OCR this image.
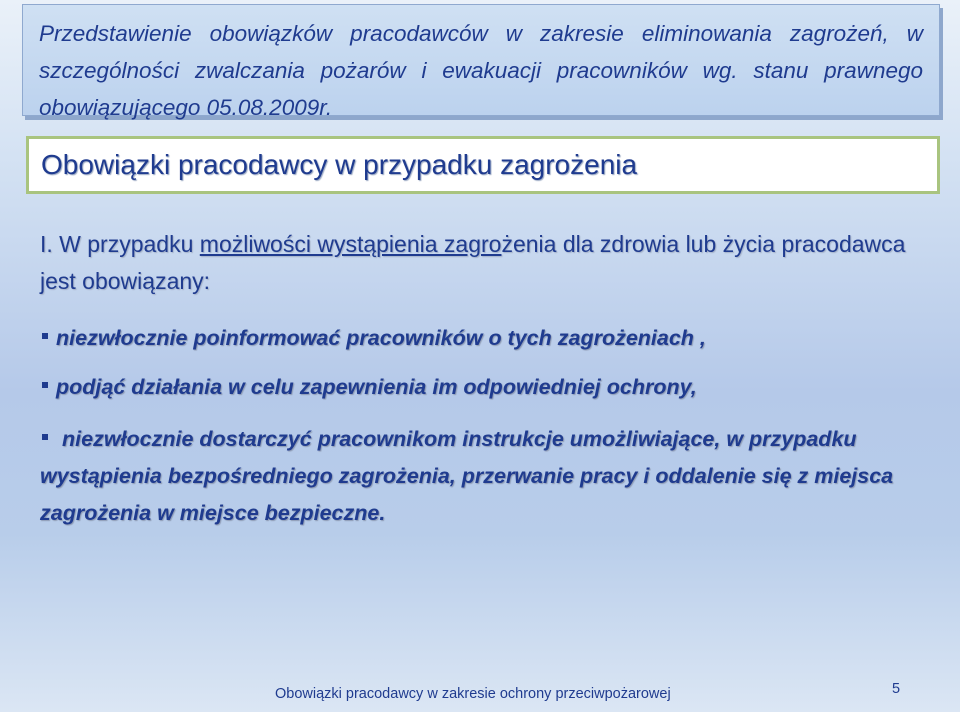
Przedstawienie obowiązków pracodawców w zakresie eliminowania zagrożeń, w szczególności zwalczania pożarów i ewakuacji pracowników wg. stanu prawnego obowiązującego 05.08.2009r.

Obowiązki pracodawcy w przypadku zagrożenia

I. W przypadku możliwości wystąpienia zagrożenia dla zdrowia lub życia pracodawca jest obowiązany:

niezwłocznie poinformować pracowników o tych zagrożeniach ,

podjąć działania w celu zapewnienia im odpowiedniej ochrony,

niezwłocznie dostarczyć pracownikom instrukcje umożliwiające, w przypadku wystąpienia bezpośredniego zagrożenia, przerwanie pracy i oddalenie się z miejsca zagrożenia w miejsce bezpieczne.

Obowiązki pracodawcy w zakresie ochrony przeciwpożarowej	5
